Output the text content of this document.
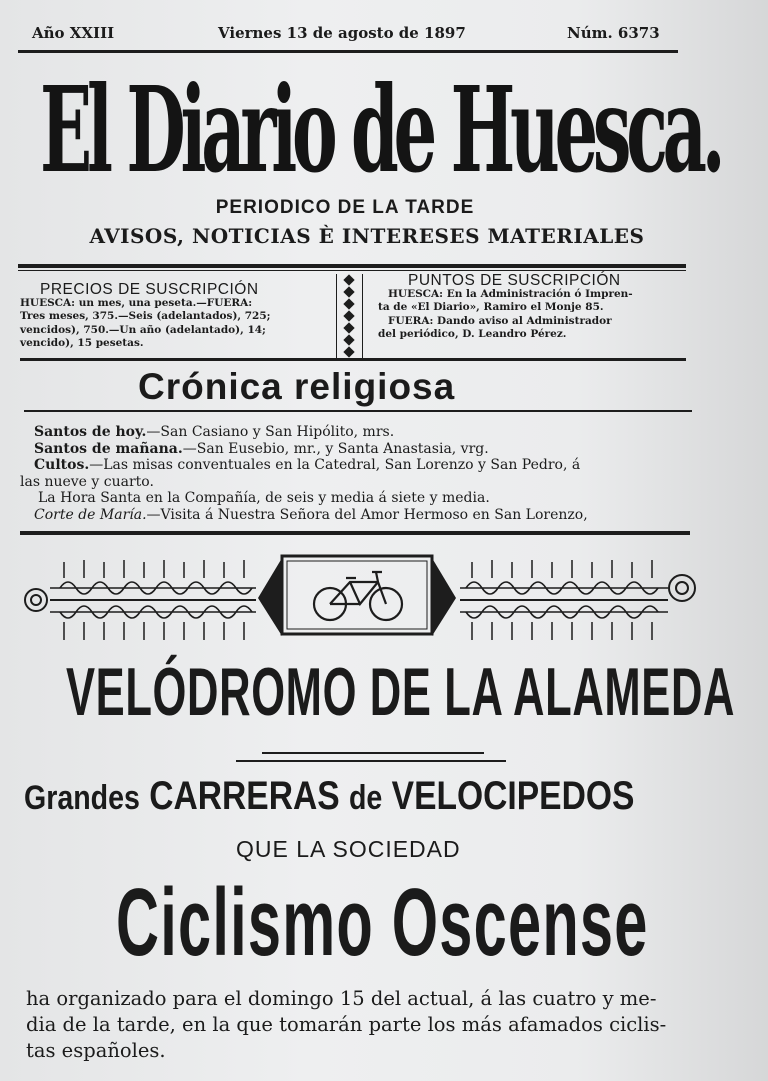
Año XXIII	Viernes 13 de agosto de 1897	Núm. 6373
El Diario de Huesca.
PERIODICO DE LA TARDE
AVISOS, NOTICIAS È INTERESES MATERIALES
PRECIOS DE SUSCRIPCIÓN
HUESCA: un mes, una peseta.—FUERA:
Tres meses, 375.—Seis (adelantados), 725;
vencidos), 750.—Un año (adelantado), 14;
vencido), 15 pesetas.
PUNTOS DE SUSCRIPCIÓN
HUESCA: En la Administración ó Impren-
ta de «El Diario», Ramiro el Monje 85.
FUERA: Dando aviso al Administrador
del periódico, D. Leandro Pérez.
Crónica religiosa
Santos de hoy.—San Casiano y San Hipólito, mrs.
Santos de mañana.—San Eusebio, mr., y Santa Anastasia, vrg.
Cultos.—Las misas conventuales en la Catedral, San Lorenzo y San Pedro, á
las nueve y cuarto.
La Hora Santa en la Compañía, de seis y media á siete y media.
Corte de María.—Visita á Nuestra Señora del Amor Hermoso en San Lorenzo,
VELÓDROMO DE LA ALAMEDA
Grandes CARRERAS de VELOCIPEDOS
QUE LA SOCIEDAD
Ciclismo Oscense
ha organizado para el domingo 15 del actual, á las cuatro y me-
dia de la tarde, en la que tomarán parte los más afamados ciclis-
tas españoles.
